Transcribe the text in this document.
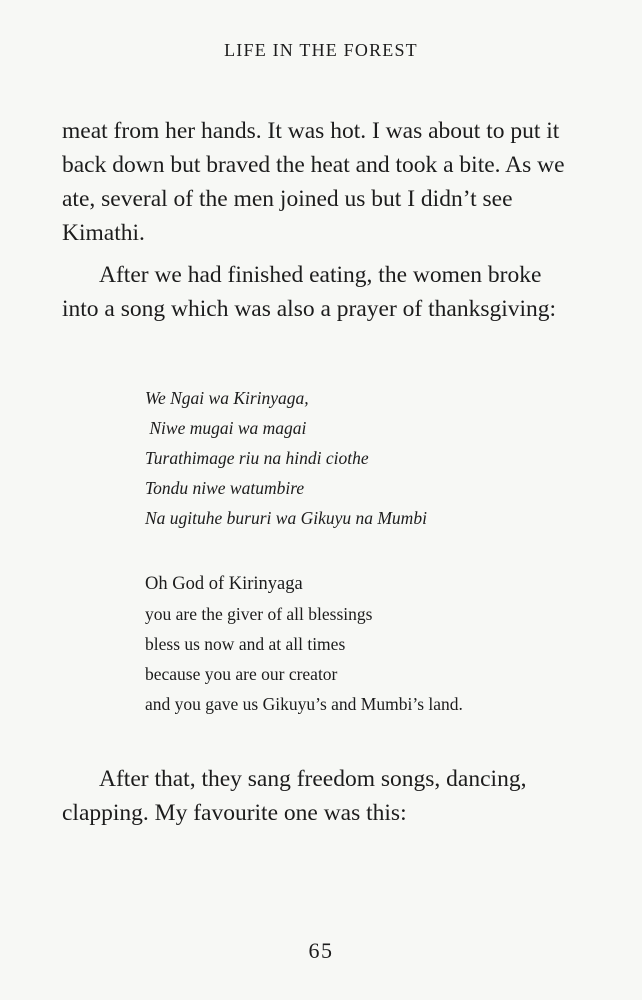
LIFE IN THE FOREST

meat from her hands. It was hot. I was about to put it back down but braved the heat and took a bite. As we ate, several of the men joined us but I didn’t see Kimathi.

After we had finished eating, the women broke into a song which was also a prayer of thanksgiving:

We Ngai wa Kirinyaga,
Niwe mugai wa magai
Turathimage riu na hindi ciothe
Tondu niwe watumbire
Na ugituhe bururi wa Gikuyu na Mumbi
Oh God of Kirinyaga
you are the giver of all blessings
bless us now and at all times
because you are our creator
and you gave us Gikuyu’s and Mumbi’s land.

After that, they sang freedom songs, dancing, clapping. My favourite one was this:

65
